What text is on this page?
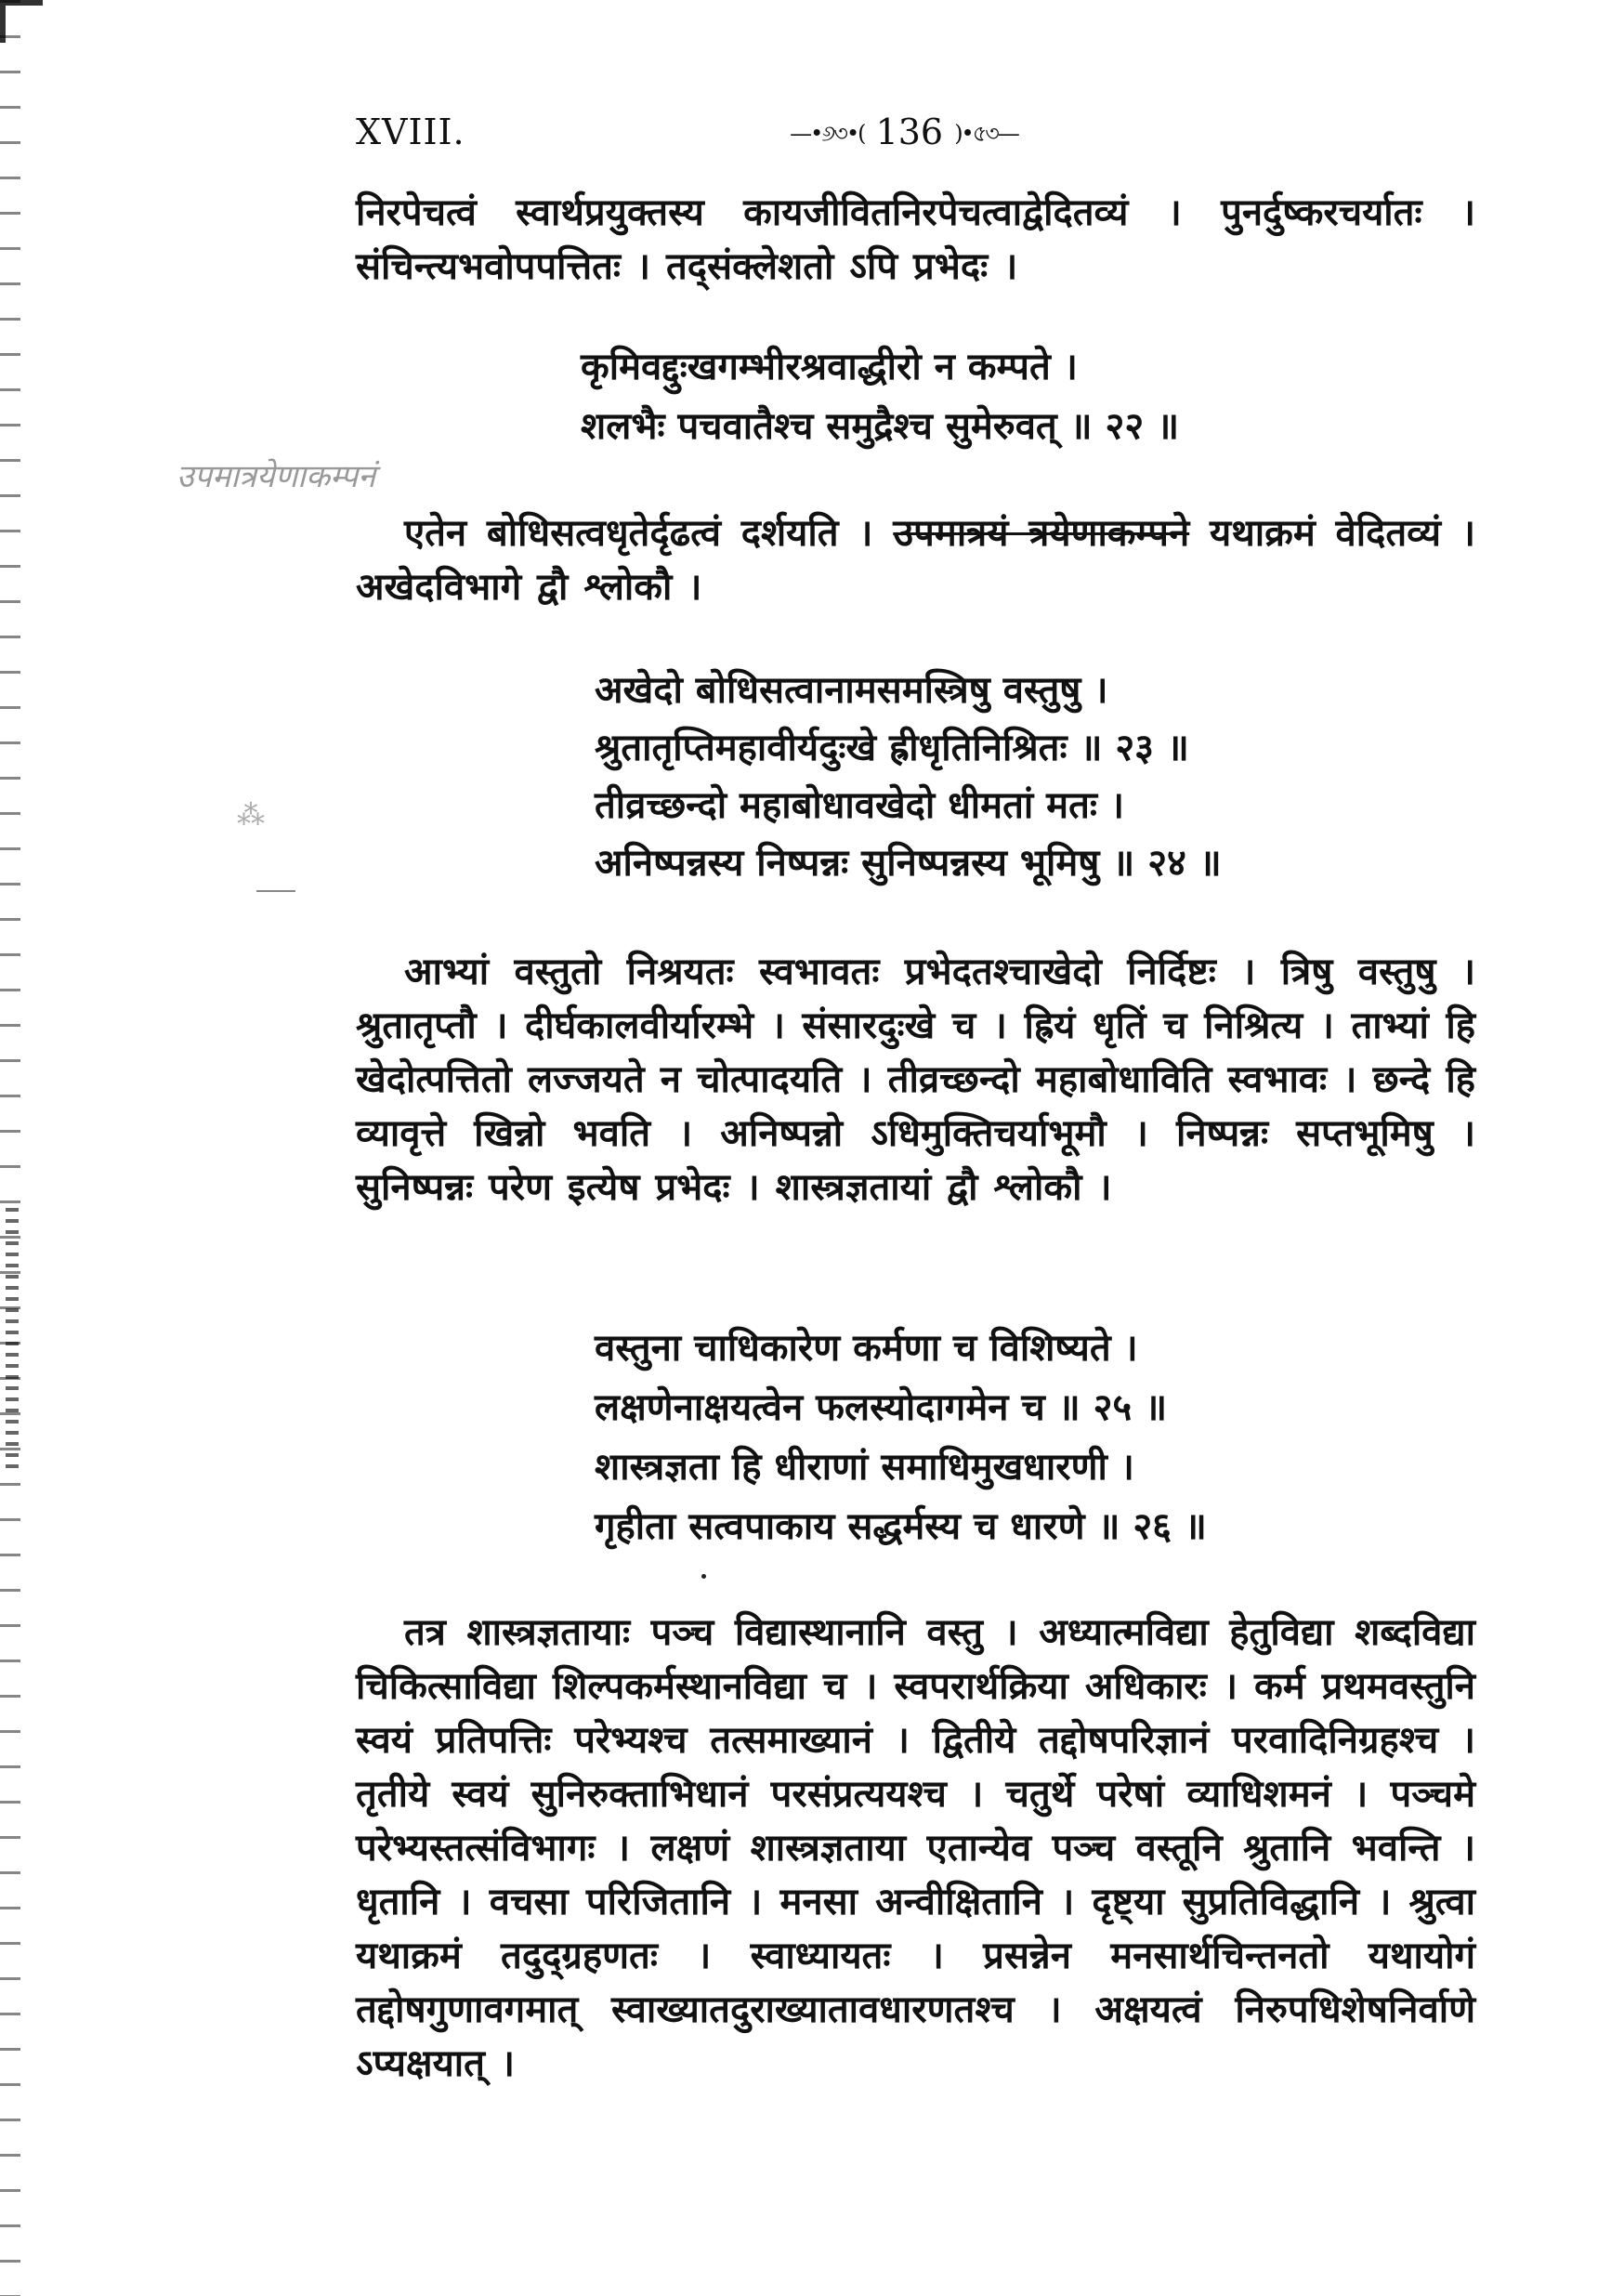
XVIII.	—•୬৩•( 136 )•৫৩—
निरपेचत्वं स्वार्थप्रयुक्तस्य कायजीवितनिरपेचत्वाद्वेदितव्यं । पुनर्दुष्करचर्यातः । संचिन्त्यभवोपपत्तितः । तद्संक्लेशतो ऽपि प्रभेदः ।
कृमिवद्दुःखगम्भीरश्रवाद्धीरो न कम्पते ।
शलभैः पचवातैश्च समुद्रैश्च सुमेरुवत् ॥ २२ ॥
उपमात्रयेणाकम्पनं
एतेन बोधिसत्वधृतेर्दृढत्वं दर्शयति । उपमात्रयं त्रयेणाकम्पने यथाक्रमं वेदितव्यं । अखेदविभागे द्वौ श्लोकौ ।
अखेदो बोधिसत्वानामसमस्त्रिषु वस्तुषु ।
श्रुतातृप्तिमहावीर्यदुःखे ह्रीधृतिनिश्रितः ॥ २३ ॥
तीव्रच्छन्दो महाबोधावखेदो धीमतां मतः ।
अनिष्पन्नस्य निष्पन्नः सुनिष्पन्नस्य भूमिषु ॥ २४ ॥
⁂
आभ्यां वस्तुतो निश्रयतः स्वभावतः प्रभेदतश्चाखेदो निर्दिष्टः । त्रिषु वस्तुषु । श्रुतातृप्तौ । दीर्घकालवीर्यारम्भे । संसारदुःखे च । ह्रियं धृतिं च निश्रित्य । ताभ्यां हि खेदोत्पत्तितो लज्जयते न चोत्पादयति । तीव्रच्छन्दो महाबोधाविति स्वभावः । छन्दे हि व्यावृत्ते खिन्नो भवति । अनिष्पन्नो ऽधिमुक्तिचर्याभूमौ । निष्पन्नः सप्तभूमिषु । सुनिष्पन्नः परेण इत्येष प्रभेदः । शास्त्रज्ञतायां द्वौ श्लोकौ ।
वस्तुना चाधिकारेण कर्मणा च विशिष्यते ।
लक्षणेनाक्षयत्वेन फलस्योदागमेन च ॥ २५ ॥
शास्त्रज्ञता हि धीराणां समाधिमुखधारणी ।
गृहीता सत्वपाकाय सद्धर्मस्य च धारणे ॥ २६ ॥
तत्र शास्त्रज्ञतायाः पञ्च विद्यास्थानानि वस्तु । अध्यात्मविद्या हेतुविद्या शब्दविद्या चिकित्साविद्या शिल्पकर्मस्थानविद्या च । स्वपरार्थक्रिया अधिकारः । कर्म प्रथमवस्तुनि स्वयं प्रतिपत्तिः परेभ्यश्च तत्समाख्यानं । द्वितीये तद्दोषपरिज्ञानं परवादिनिग्रहश्च । तृतीये स्वयं सुनिरुक्ताभिधानं परसंप्रत्ययश्च । चतुर्थे परेषां व्याधिशमनं । पञ्चमे परेभ्यस्तत्संविभागः । लक्षणं शास्त्रज्ञताया एतान्येव पञ्च वस्तूनि श्रुतानि भवन्ति । धृतानि । वचसा परिजितानि । मनसा अन्वीक्षितानि । दृष्ट्या सुप्रतिविद्धानि । श्रुत्वा यथाक्रमं तदुद्ग्रहणतः । स्वाध्यायतः । प्रसन्नेन मनसार्थचिन्तनतो यथायोगं तद्दोषगुणावगमात् स्वाख्यातदुराख्यातावधारणतश्च । अक्षयत्वं निरुपधिशेषनिर्वाणे ऽप्यक्षयात् ।
